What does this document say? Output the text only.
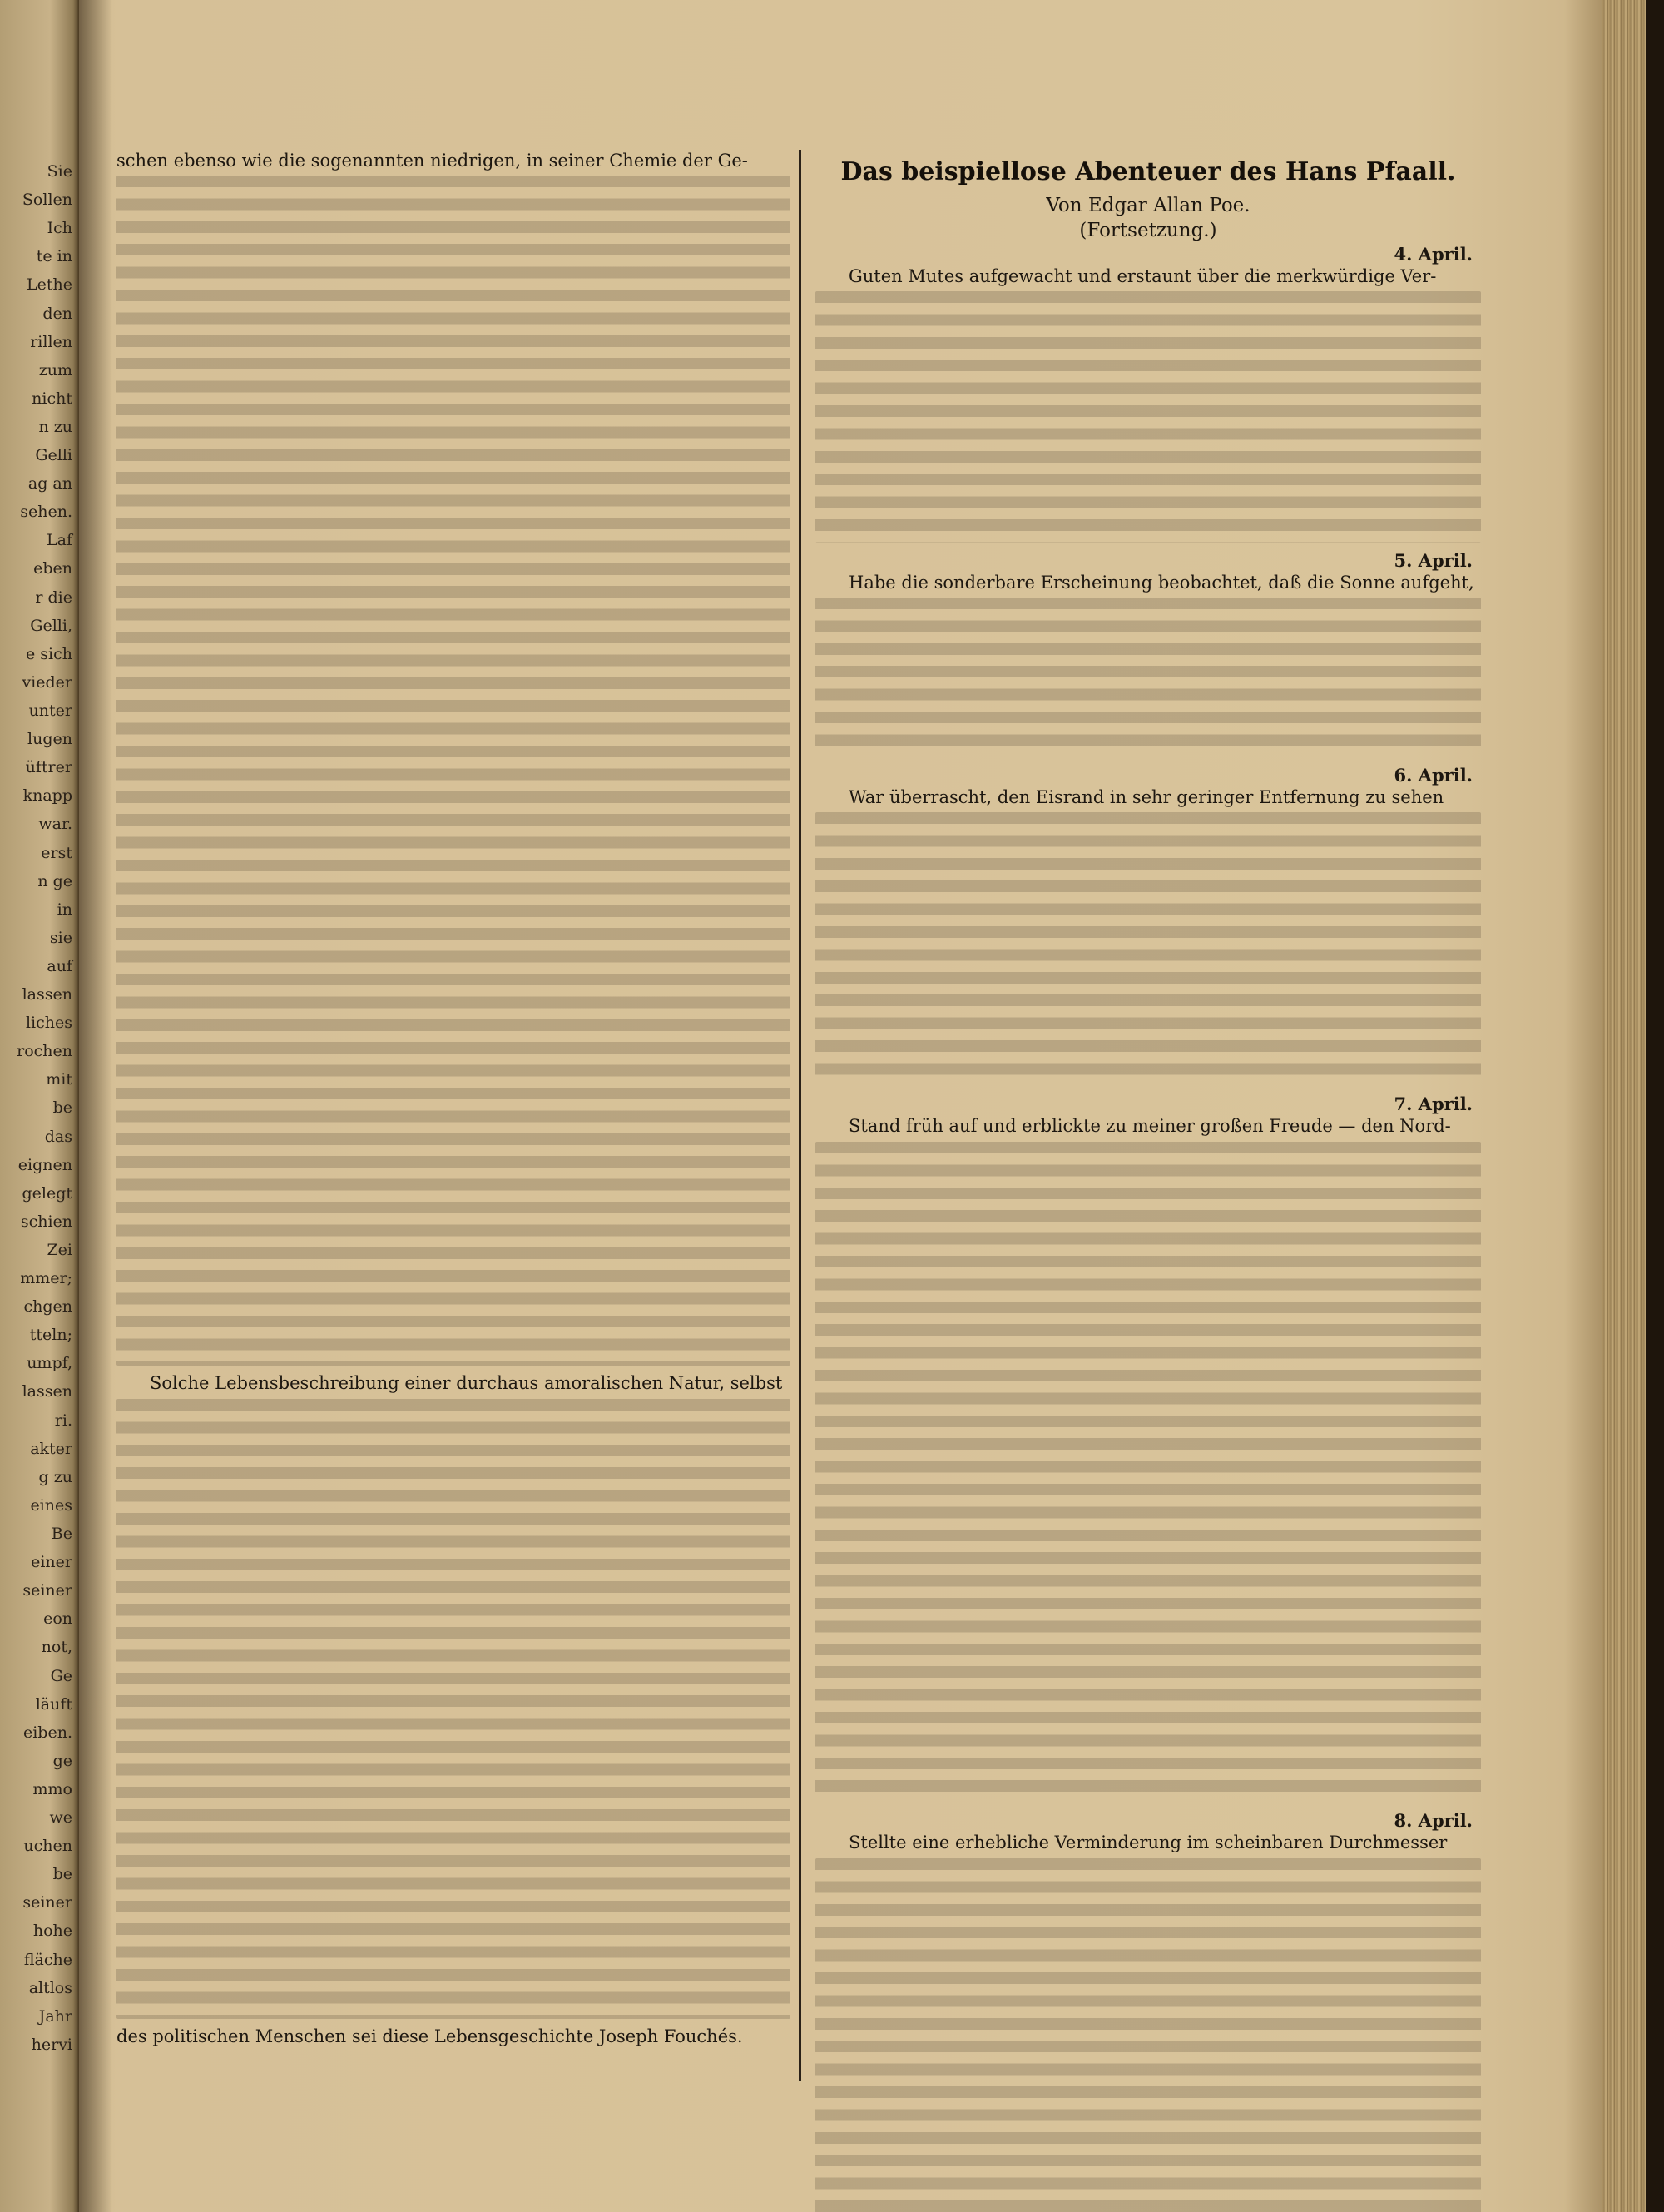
Sie
Sollen
Ich
te in
Lethe
den
rillen
zum
nicht
n zu
Gelli
ag an
sehen.
Laf
eben
r die
Gelli,
e sich
vieder
unter
lugen
üftrer
knapp
war.
erst
n ge
in
sie
auf
lassen
liches
rochen
mit
be
das
eignen
gelegt
schien
Zei
mmer;
chgen
tteln;
umpf,
lassen
ri.
akter
g zu
eines
Be
einer
seiner
eon
not,
Ge
läuft
eiben.
ge
mmo
we
uchen
be
seiner
hohe
fläche
altlos
Jahr
hervi

schen ebenso wie die sogenannten niedrigen, in seiner Chemie der Ge-

Solche Lebensbeschreibung einer durchaus amoralischen Natur, selbst

des politischen Menschen sei diese Lebensgeschichte Joseph Fouchés.

Das beispiellose Abenteuer des Hans Pfaall.

Von Edgar Allan Poe.

(Fortsetzung.)

4. April.

Guten Mutes aufgewacht und erstaunt über die merkwürdige Ver-

5. April.

Habe die sonderbare Erscheinung beobachtet, daß die Sonne aufgeht,

6. April.

War überrascht, den Eisrand in sehr geringer Entfernung zu sehen

7. April.

Stand früh auf und erblickte zu meiner großen Freude — den Nord-

8. April.

Stellte eine erhebliche Verminderung im scheinbaren Durchmesser
